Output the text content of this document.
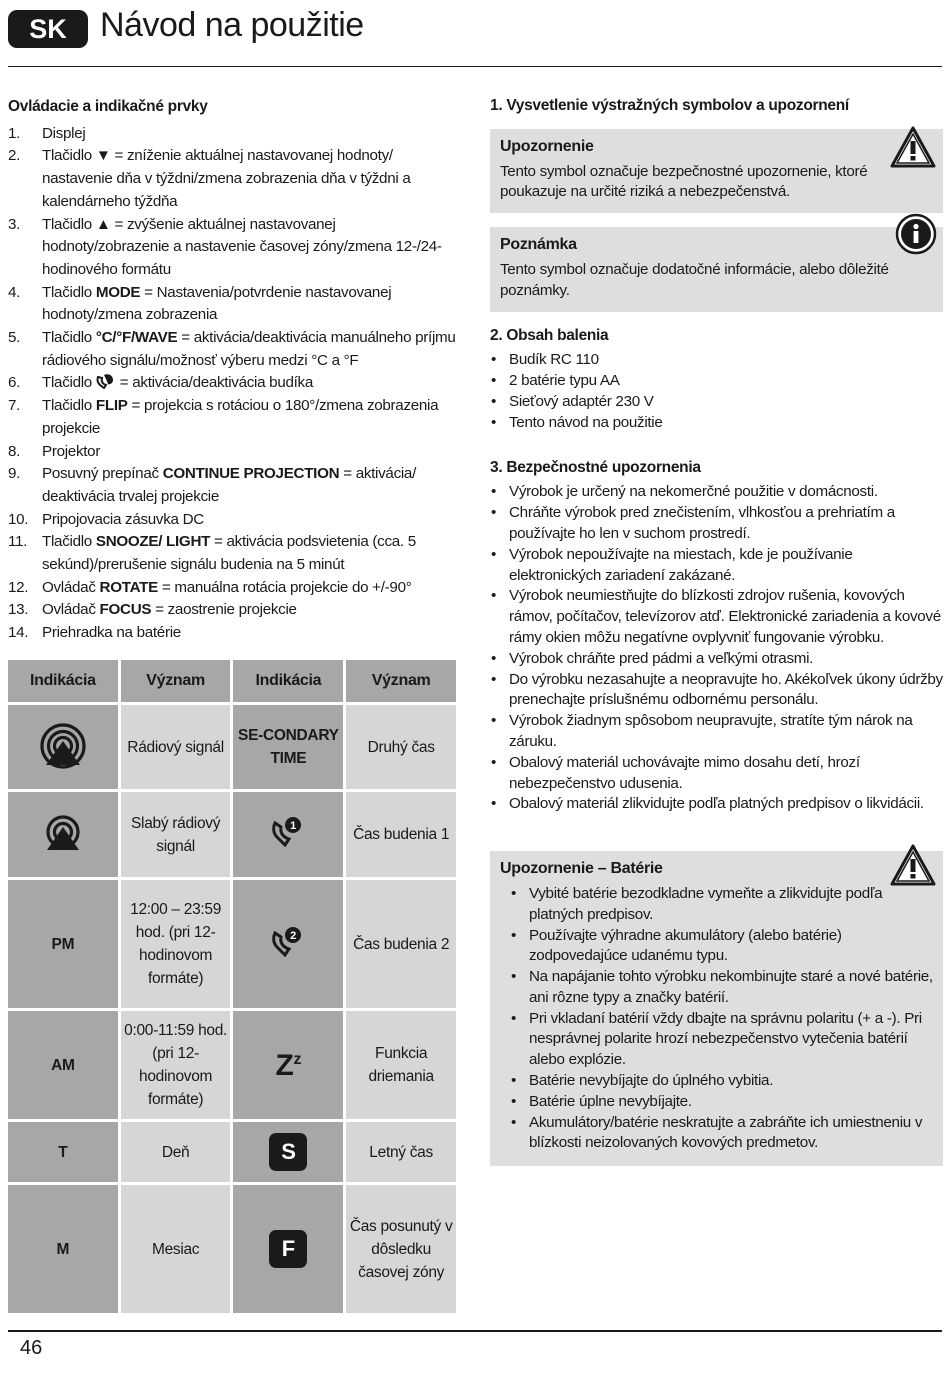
SK Návod na použitie
Ovládacie a indikačné prvky
1. Displej
2. Tlačidlo ▼ = zníženie aktuálnej nastavovanej hodnoty/ nastavenie dňa v týždni/zmena zobrazenia dňa v týždni a kalendárneho týždňa
3. Tlačidlo ▲ = zvýšenie aktuálnej nastavovanej hodnoty/zobrazenie a nastavenie časovej zóny/zmena 12-/24-hodinového formátu
4. Tlačidlo MODE = Nastavenia/potvrdenie nastavovanej hodnoty/zmena zobrazenia
5. Tlačidlo °C/°F/WAVE = aktivácia/deaktivácia manuálneho príjmu rádiového signálu/možnosť výberu medzi °C a °F
6. Tlačidlo  = aktivácia/deaktivácia budíka
7. Tlačidlo FLIP = projekcia s rotáciou o 180°/zmena zobrazenia projekcie
8. Projektor
9. Posuvný prepínač CONTINUE PROJECTION = aktivácia/ deaktivácia trvalej projekcie
10. Pripojovacia zásuvka DC
11. Tlačidlo SNOOZE/ LIGHT = aktivácia podsvietenia (cca. 5 sekúnd)/prerušenie signálu budenia na 5 minút
12. Ovládač ROTATE = manuálna rotácia projekcie do +/-90°
13. Ovládač FOCUS = zaostrenie projekcie
14. Priehradka na batérie
Indikácia	Význam	Indikácia	Význam
	Rádiový signál	SE-CONDARY TIME	Druhý čas
	Slabý rádiový signál	1	Čas budenia 1
PM	12:00 – 23:59 hod. (pri 12-hodinovom formáte)	2	Čas budenia 2
AM	0:00-11:59 hod. (pri 12-hodinovom formáte)	$Z^z$	Funkcia driemania
T	Deň	S	Letný čas
M	Mesiac	F	Čas posunutý v dôsledku časovej zóny
1. Vysvetlenie výstražných symbolov a upozornení
Upozornenie
Tento symbol označuje bezpečnostné upozornenie, ktoré poukazuje na určité riziká a nebezpečenstvá.
Poznámka
Tento symbol označuje dodatočné informácie, alebo dôležité poznámky.
2. Obsah balenia
• Budík RC 110
• 2 batérie typu AA
• Sieťový adaptér 230 V
• Tento návod na použitie
3. Bezpečnostné upozornenia
• Výrobok je určený na nekomerčné použitie v domácnosti.
• Chráňte výrobok pred znečistením, vlhkosťou a prehriatím a používajte ho len v suchom prostredí.
• Výrobok nepoužívajte na miestach, kde je používanie elektronických zariadení zakázané.
• Výrobok neumiestňujte do blízkosti zdrojov rušenia, kovových rámov, počítačov, televízorov atď. Elektronické zariadenia a kovové rámy okien môžu negatívne ovplyvniť fungovanie výrobku.
• Výrobok chráňte pred pádmi a veľkými otrasmi.
• Do výrobku nezasahujte a neopravujte ho. Akékoľvek úkony údržby prenechajte príslušnému odbornému personálu.
• Výrobok žiadnym spôsobom neupravujte, stratíte tým nárok na záruku.
• Obalový materiál uchovávajte mimo dosahu detí, hrozí nebezpečenstvo udusenia.
• Obalový materiál zlikvidujte podľa platných predpisov o likvidácii.
Upozornenie – Batérie
• Vybité batérie bezodkladne vymeňte a zlikvidujte podľa platných predpisov.
• Používajte výhradne akumulátory (alebo batérie) zodpovedajúce udanému typu.
• Na napájanie tohto výrobku nekombinujte staré a nové batérie, ani rôzne typy a značky batérií.
• Pri vkladaní batérií vždy dbajte na správnu polaritu (+ a -). Pri nesprávnej polarite hrozí nebezpečenstvo vytečenia batérií alebo explózie.
• Batérie nevybíjajte do úplného vybitia.
• Batérie úplne nevybíjajte.
• Akumulátory/batérie neskratujte a zabráňte ich umiestneniu v blízkosti neizolovaných kovových predmetov.
46
